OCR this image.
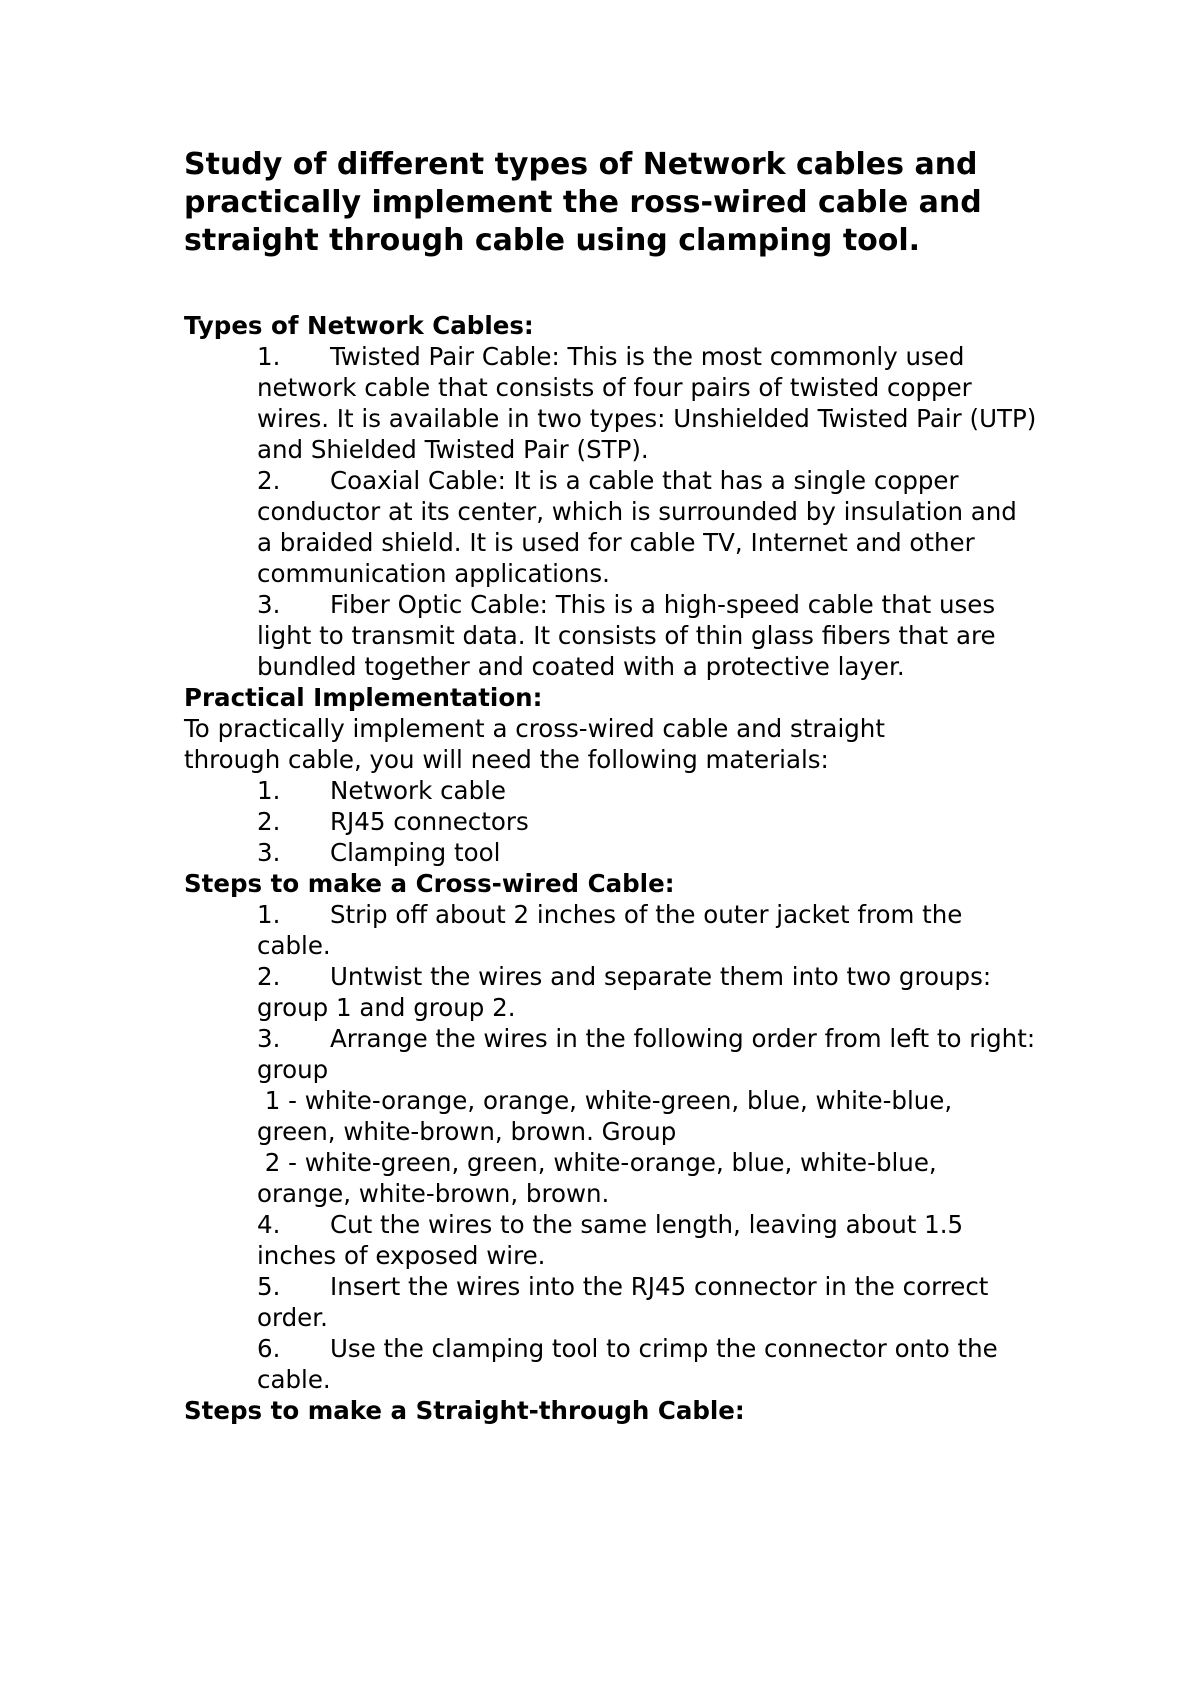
Study of different types of Network cables and practically implement the ross-wired cable and straight through cable using clamping tool.
Types of Network Cables:
1. Twisted Pair Cable: This is the most commonly used network cable that consists of four pairs of twisted copper wires. It is available in two types: Unshielded Twisted Pair (UTP) and Shielded Twisted Pair (STP).
2. Coaxial Cable: It is a cable that has a single copper conductor at its center, which is surrounded by insulation and a braided shield. It is used for cable TV, Internet and other communication applications.
3. Fiber Optic Cable: This is a high-speed cable that uses light to transmit data. It consists of thin glass fibers that are bundled together and coated with a protective layer.
Practical Implementation:

To practically implement a cross-wired cable and straight through cable, you will need the following materials:

1. Network cable
2. RJ45 connectors
3. Clamping tool
Steps to make a Cross-wired Cable:
1. Strip off about 2 inches of the outer jacket from the cable.
2. Untwist the wires and separate them into two groups: group 1 and group 2.
3. Arrange the wires in the following order from left to right:
group
1 - white-orange, orange, white-green, blue, white-blue, green, white-brown, brown. Group
2 - white-green, green, white-orange, blue, white-blue, orange, white-brown, brown.
4. Cut the wires to the same length, leaving about 1.5 inches of exposed wire.
5. Insert the wires into the RJ45 connector in the correct order.
6. Use the clamping tool to crimp the connector onto the cable.
Steps to make a Straight-through Cable:
